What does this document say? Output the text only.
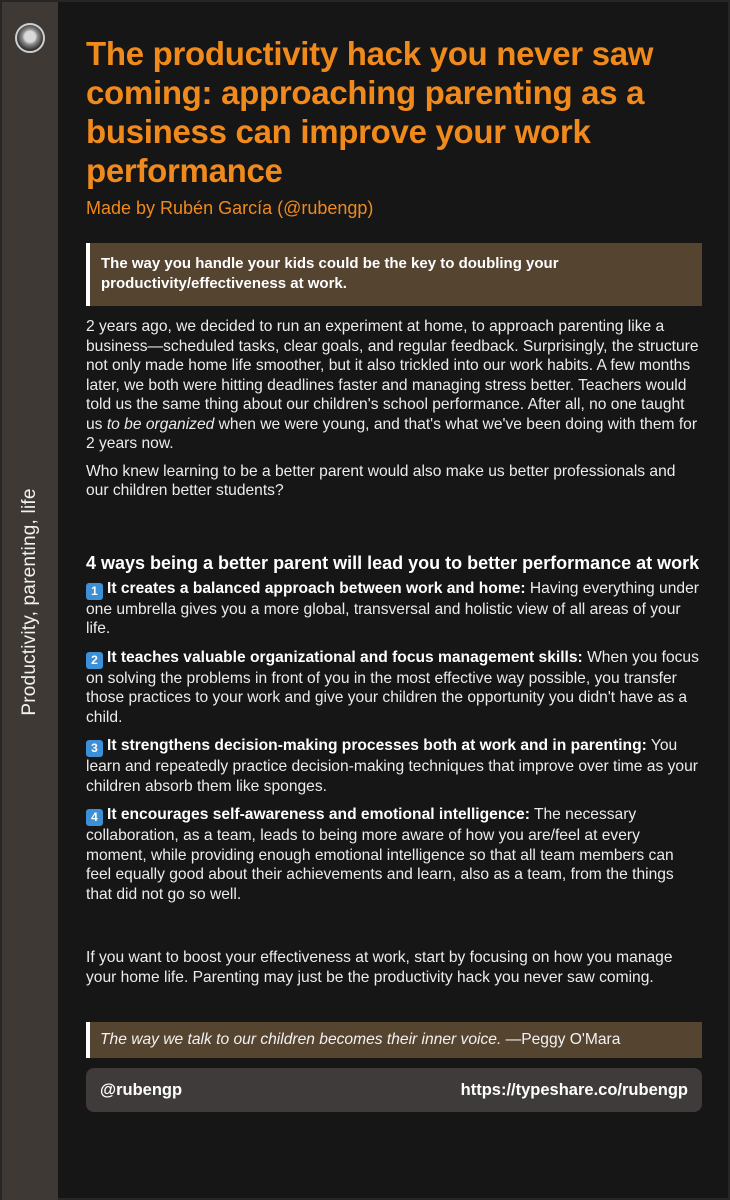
Productivity, parenting, life
The productivity hack you never saw coming: approaching parenting as a business can improve your work performance
Made by Rubén García (@rubengp)
The way you handle your kids could be the key to doubling your productivity/effectiveness at work.

2 years ago, we decided to run an experiment at home, to approach parenting like a business—scheduled tasks, clear goals, and regular feedback. Surprisingly, the structure not only made home life smoother, but it also trickled into our work habits. A few months later, we both were hitting deadlines faster and managing stress better. Teachers would told us the same thing about our children's school performance. After all, no one taught us to be organized when we were young, and that's what we've been doing with them for 2 years now.

Who knew learning to be a better parent would also make us better professionals and our children better students?

4 ways being a better parent will lead you to better performance at work

1 It creates a balanced approach between work and home: Having everything under one umbrella gives you a more global, transversal and holistic view of all areas of your life.

2 It teaches valuable organizational and focus management skills: When you focus on solving the problems in front of you in the most effective way possible, you transfer those practices to your work and give your children the opportunity you didn't have as a child.

3 It strengthens decision-making processes both at work and in parenting: You learn and repeatedly practice decision-making techniques that improve over time as your children absorb them like sponges.

4 It encourages self-awareness and emotional intelligence: The necessary collaboration, as a team, leads to being more aware of how you are/feel at every moment, while providing enough emotional intelligence so that all team members can feel equally good about their achievements and learn, also as a team, from the things that did not go so well.

If you want to boost your effectiveness at work, start by focusing on how you manage your home life. Parenting may just be the productivity hack you never saw coming.

The way we talk to our children becomes their inner voice. —Peggy O'Mara
@rubengp	https://typeshare.co/rubengp
